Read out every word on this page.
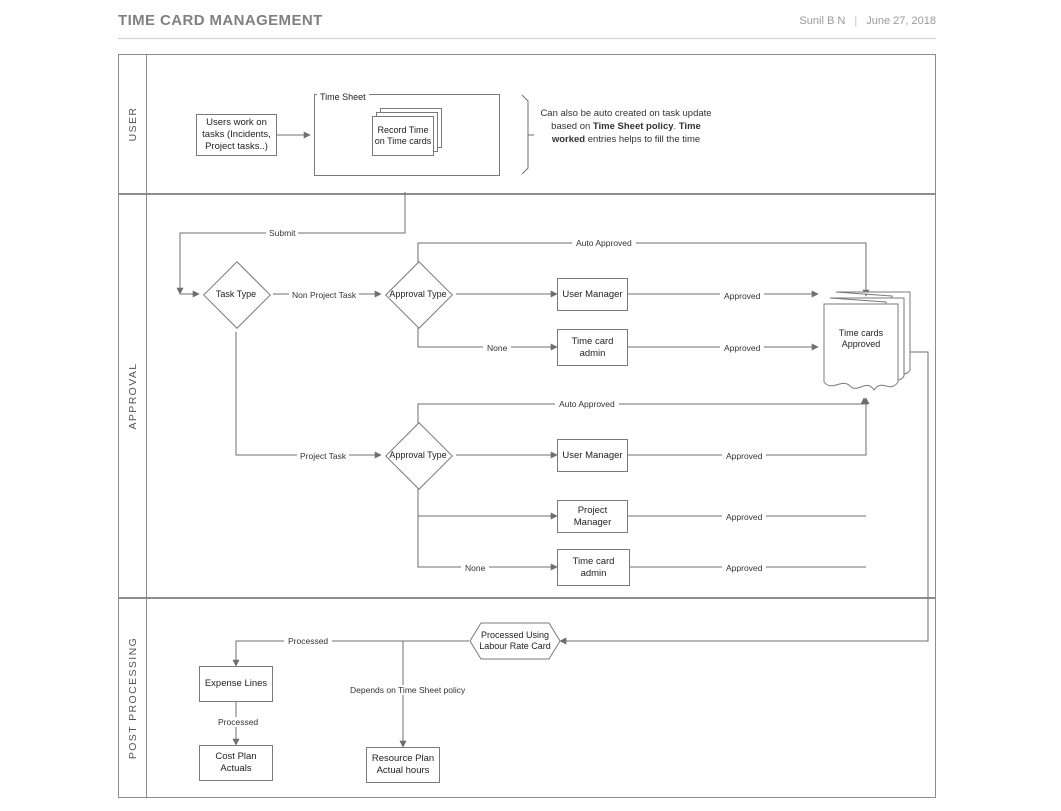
TIME CARD MANAGEMENT	Sunil B N | June 27, 2018
USER
APPROVAL
POST PROCESSING
Time Sheet
Users work on tasks (Incidents, Project tasks..)
Record Time on Time cards
Can also be auto created on task update based on Time Sheet policy. Time worked entries helps to fill the time
Submit
Task Type	Non Project Task
Project Task
Approval Type
Approval Type
Auto Approved
Auto Approved
None
None
User Manager
Time card admin
User Manager
Project Manager
Time card admin
Approved
Approved
Approved
Approved
Approved
Time cards Approved
Processed Using Labour Rate Card
Processed
Processed
Depends on Time Sheet policy
Expense Lines
Cost Plan Actuals
Resource Plan Actual hours
